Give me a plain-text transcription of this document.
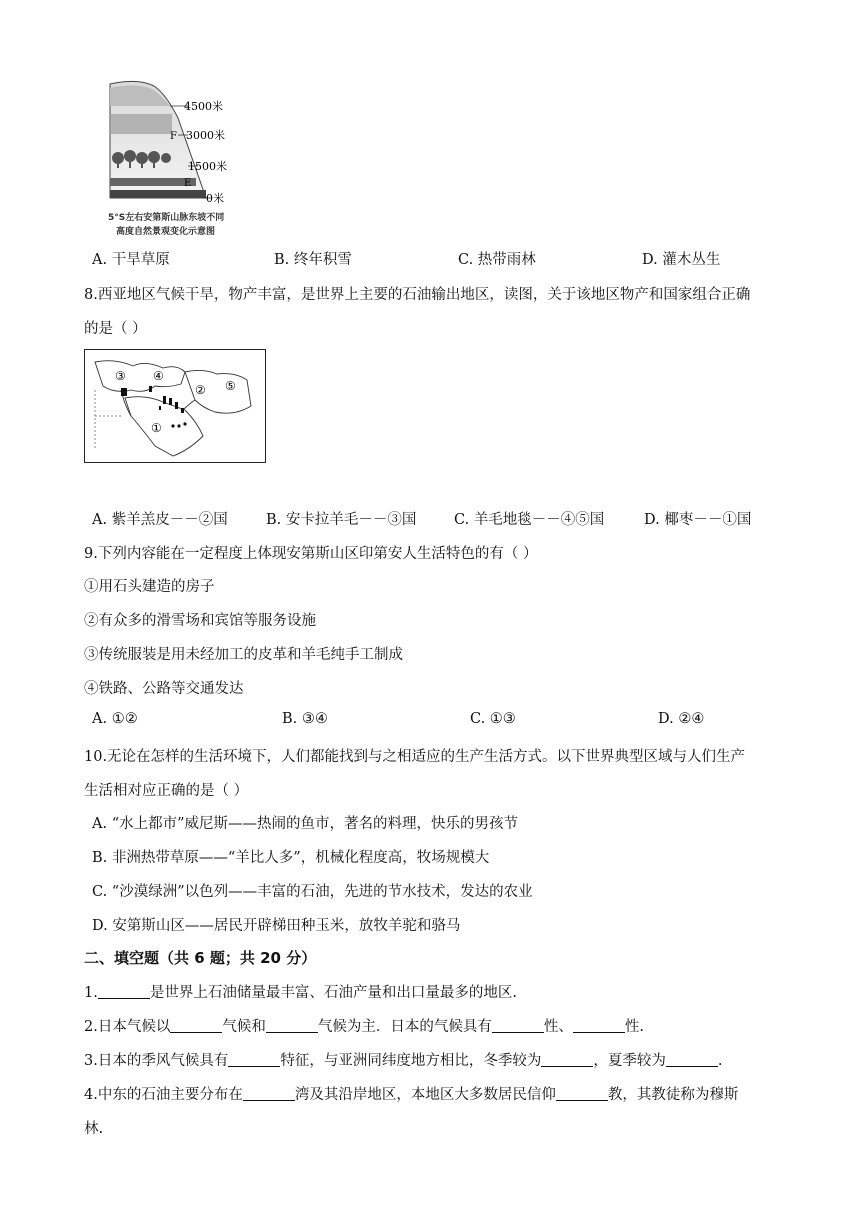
4500米
3000米
1500米
0米
F
E
5°S左右安第斯山脉东坡不同
高度自然景观变化示意图
A. 干旱草原	B. 终年积雪	C. 热带雨林	D. 灌木丛生
8.西亚地区气候干旱，物产丰富，是世界上主要的石油输出地区，读图，关于该地区物产和国家组合正确
的是（ ）
①
②
③ ④
⑤
A. 紫羊羔皮－－②国	B. 安卡拉羊毛－－③国	C. 羊毛地毯－－④⑤国	D. 椰枣－－①国
9.下列内容能在一定程度上体现安第斯山区印第安人生活特色的有（ ）
①用石头建造的房子
②有众多的滑雪场和宾馆等服务设施
③传统服装是用未经加工的皮革和羊毛纯手工制成
④铁路、公路等交通发达
A. ①②	B. ③④	C. ①③	D. ②④
10.无论在怎样的生活环境下，人们都能找到与之相适应的生产生活方式。以下世界典型区域与人们生产
生活相对应正确的是（ ）
A. “水上都市”威尼斯——热闹的鱼市，著名的料理，快乐的男孩节
B. 非洲热带草原——“羊比人多”，机械化程度高，牧场规模大
C. “沙漠绿洲”以色列——丰富的石油，先进的节水技术，发达的农业
D. 安第斯山区——居民开辟梯田种玉米，放牧羊驼和骆马
二、填空题（共 6 题；共 20 分）
1.	是世界上石油储量最丰富、石油产量和出口量最多的地区.
2.日本气候以	气候和	气候为主．日本的气候具有	性、	性.
3.日本的季风气候具有	特征，与亚洲同纬度地方相比，冬季较为	，夏季较为	.
4.中东的石油主要分布在	湾及其沿岸地区，本地区大多数居民信仰	教，其教徒称为穆斯
林.
